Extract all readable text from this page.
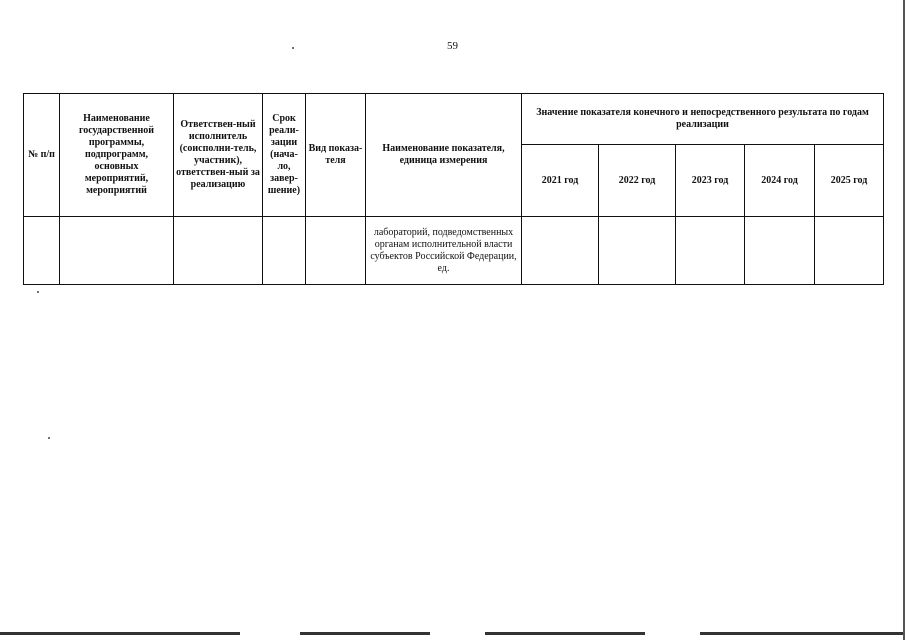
59
№ п/п	Наименование государственной программы, подпрограмм, основных мероприятий, мероприятий	Ответствен-ный исполнитель (соисполни-тель, участник), ответствен-ный за реализацию	Срок реали-зации (нача-ло, завер-шение)	Вид показа-теля	Наименование показателя, единица измерения	Значение показателя конечного и непосредственного результата по годам реализации				
						2021 год	2022 год	2023 год	2024 год	2025 год
					лабораторий, подведомственных органам исполнительной власти субъектов Российской Федерации, ед.					
